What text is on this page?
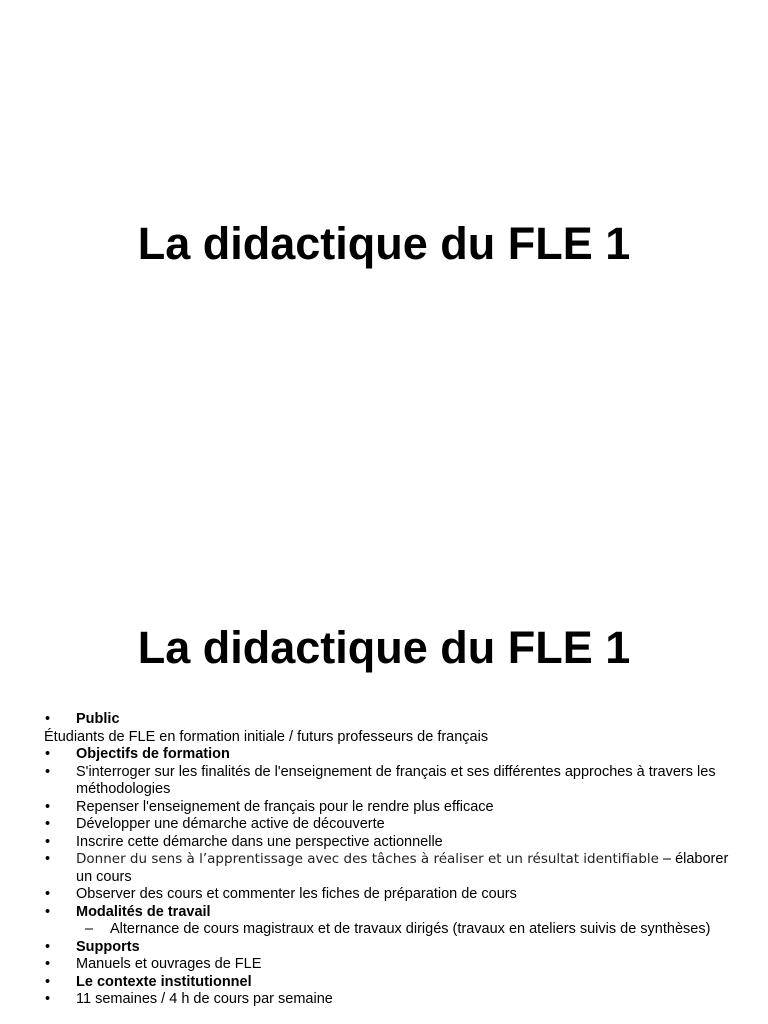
La didactique du FLE 1
La didactique du FLE 1
•	Public
Étudiants de FLE en formation initiale / futurs professeurs de français
•	Objectifs de formation
•	S'interroger sur les finalités de l'enseignement de français et ses différentes approches à travers les méthodologies
•	Repenser l'enseignement de français pour le rendre plus efficace
•	Développer une démarche active de découverte
•	Inscrire cette démarche dans une perspective actionnelle
•	Donner du sens à l’apprentissage avec des tâches à réaliser et un résultat identifiable – élaborer un cours
•	Observer des cours et commenter les fiches de préparation de cours
•	Modalités de travail
–	Alternance de cours magistraux et de travaux dirigés (travaux en ateliers suivis de synthèses)
•	Supports
•	Manuels et ouvrages de FLE
•	Le contexte institutionnel
•	11 semaines / 4 h de cours par semaine
